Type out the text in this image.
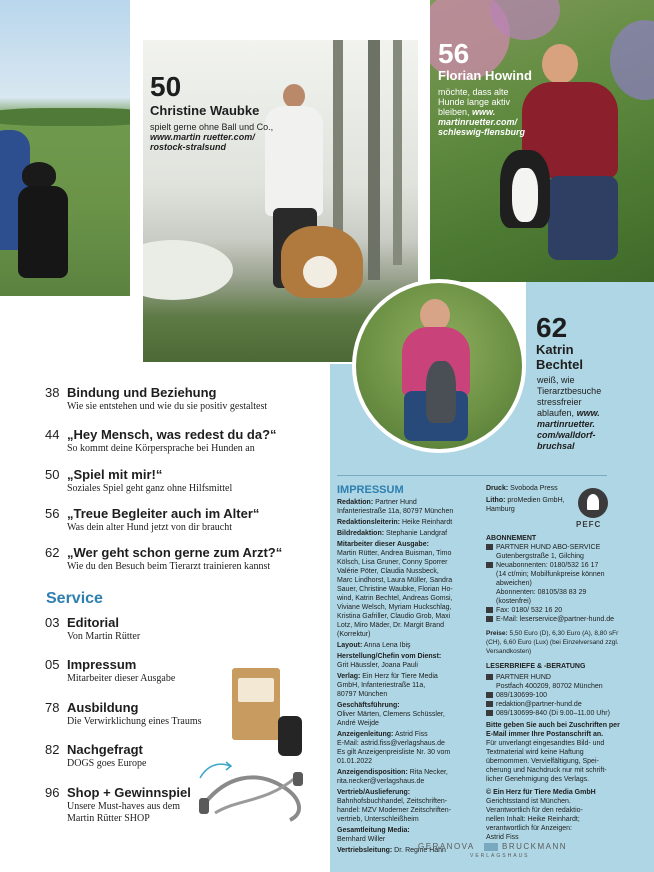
50
Christine Waubke
spielt gerne ohne Ball und Co.,
www.martin ruetter.com/
rostock-stralsund
56
Florian Howind
möchte, dass alte
Hunde lange aktiv
bleiben, www.
martinruetter.com/
schleswig-flensburg
62
Katrin
Bechtel
weiß, wie
Tierarztbesuche
stressfreier
ablaufen, www.
martinruetter.
com/walldorf-
bruchsal
38 Bindung und Beziehung
Wie sie entstehen und wie du sie positiv gestaltest
44 „Hey Mensch, was redest du da?“
So kommt deine Körpersprache bei Hunden an
50 „Spiel mit mir!“
Soziales Spiel geht ganz ohne Hilfsmittel
56 „Treue Begleiter auch im Alter“
Was dein alter Hund jetzt von dir braucht
62 „Wer geht schon gerne zum Arzt?“
Wie du den Besuch beim Tierarzt trainieren kannst
Service
03 Editorial
Von Martin Rütter
05 Impressum
Mitarbeiter dieser Ausgabe
78 Ausbildung
Die Verwirklichung eines Traums
82 Nachgefragt
DOGS goes Europe
96 Shop + Gewinnspiel
Unsere Must-haves aus dem
Martin Rütter SHOP
IMPRESSUM
Redaktion: Partner Hund
Infanteriestraße 11a, 80797 München
Redaktionsleiterin: Heike Reinhardt
Bildredaktion: Stephanie Landgraf
Mitarbeiter dieser Ausgabe:
Martin Rütter, Andrea Buisman, Timo
Kölsch, Lisa Gruner, Conny Sporrer
Valérie Pöter, Claudia Nussbeck,
Marc Lindhorst, Laura Müller, Sandra
Sauer, Christine Waubke, Florian Ho-
wind, Katrin Bechtel, Andreas Gomsi,
Viviane Welsch, Myriam Huckschlag,
Kristina Gafriller, Claudio Grob, Maxi
Lotz, Miro Mäder, Dr. Margit Brand
(Korrektur)
Layout: Anna Lena Ibiş
Herstellung/Chefin vom Dienst:
Grit Häussler, Joana Pauli
Verlag: Ein Herz für Tiere Media
GmbH, Infanteriestraße 11a,
80797 München
Geschäftsführung:
Oliver Märten, Clemens Schüssler,
André Weijde
Anzeigenleitung: Astrid Fiss
E-Mail: astrid.fiss@verlagshaus.de
Es gilt Anzeigenpreisliste Nr. 30 vom
01.01.2022
Anzeigendisposition: Rita Necker,
rita.necker@verlagshaus.de
Vertrieb/Auslieferung:
Bahnhofsbuchhandel, Zeitschriften-
handel: MZV Moderner Zeitschriften-
vertrieb, Unterschleißheim
Gesamtleitung Media:
Bernhard Willer
Vertriebsleitung: Dr. Regine Hahn
Druck: Svoboda Press
Litho: proMedien GmbH,
Hamburg
PEFC
ABONNEMENT
PARTNER HUND ABO-SERVICE
Gutenbergstraße 1, Gilching
Neuabonnenten: 0180/532 16 17
(14 ct/min; Mobilfunkpreise können
abweichen)
Abonnenten: 08105/38 83 29
(kostenfrei)
Fax: 0180/ 532 16 20
E-Mail: leserservice@partner-hund.de
Preise: 5,50 Euro (D), 6,30 Euro (A), 8,80 sFr
(CH), 6,60 Euro (Lux) (bei Einzelversand zzgl.
Versandkosten)
LESERBRIEFE & -BERATUNG
PARTNER HUND
Postfach 400209, 80702 München
089/130699-100
redaktion@partner-hund.de
089/130699-840 (Di 9.00–11.00 Uhr)
Bitte geben Sie auch bei Zuschriften per
E-Mail immer Ihre Postanschrift an.
Für unverlangt eingesandtes Bild- und
Textmaterial wird keine Haftung
übernommen. Vervielfältigung, Spei-
cherung und Nachdruck nur mit schrift-
licher Genehmigung des Verlags.
© Ein Herz für Tiere Media GmbH
Gerichtsstand ist München.
Verantwortlich für den redaktio-
nellen Inhalt: Heike Reinhardt;
verantwortlich für Anzeigen:
Astrid Fiss
GERANOVA	BRUCKMANN
VERLAGSHAUS
